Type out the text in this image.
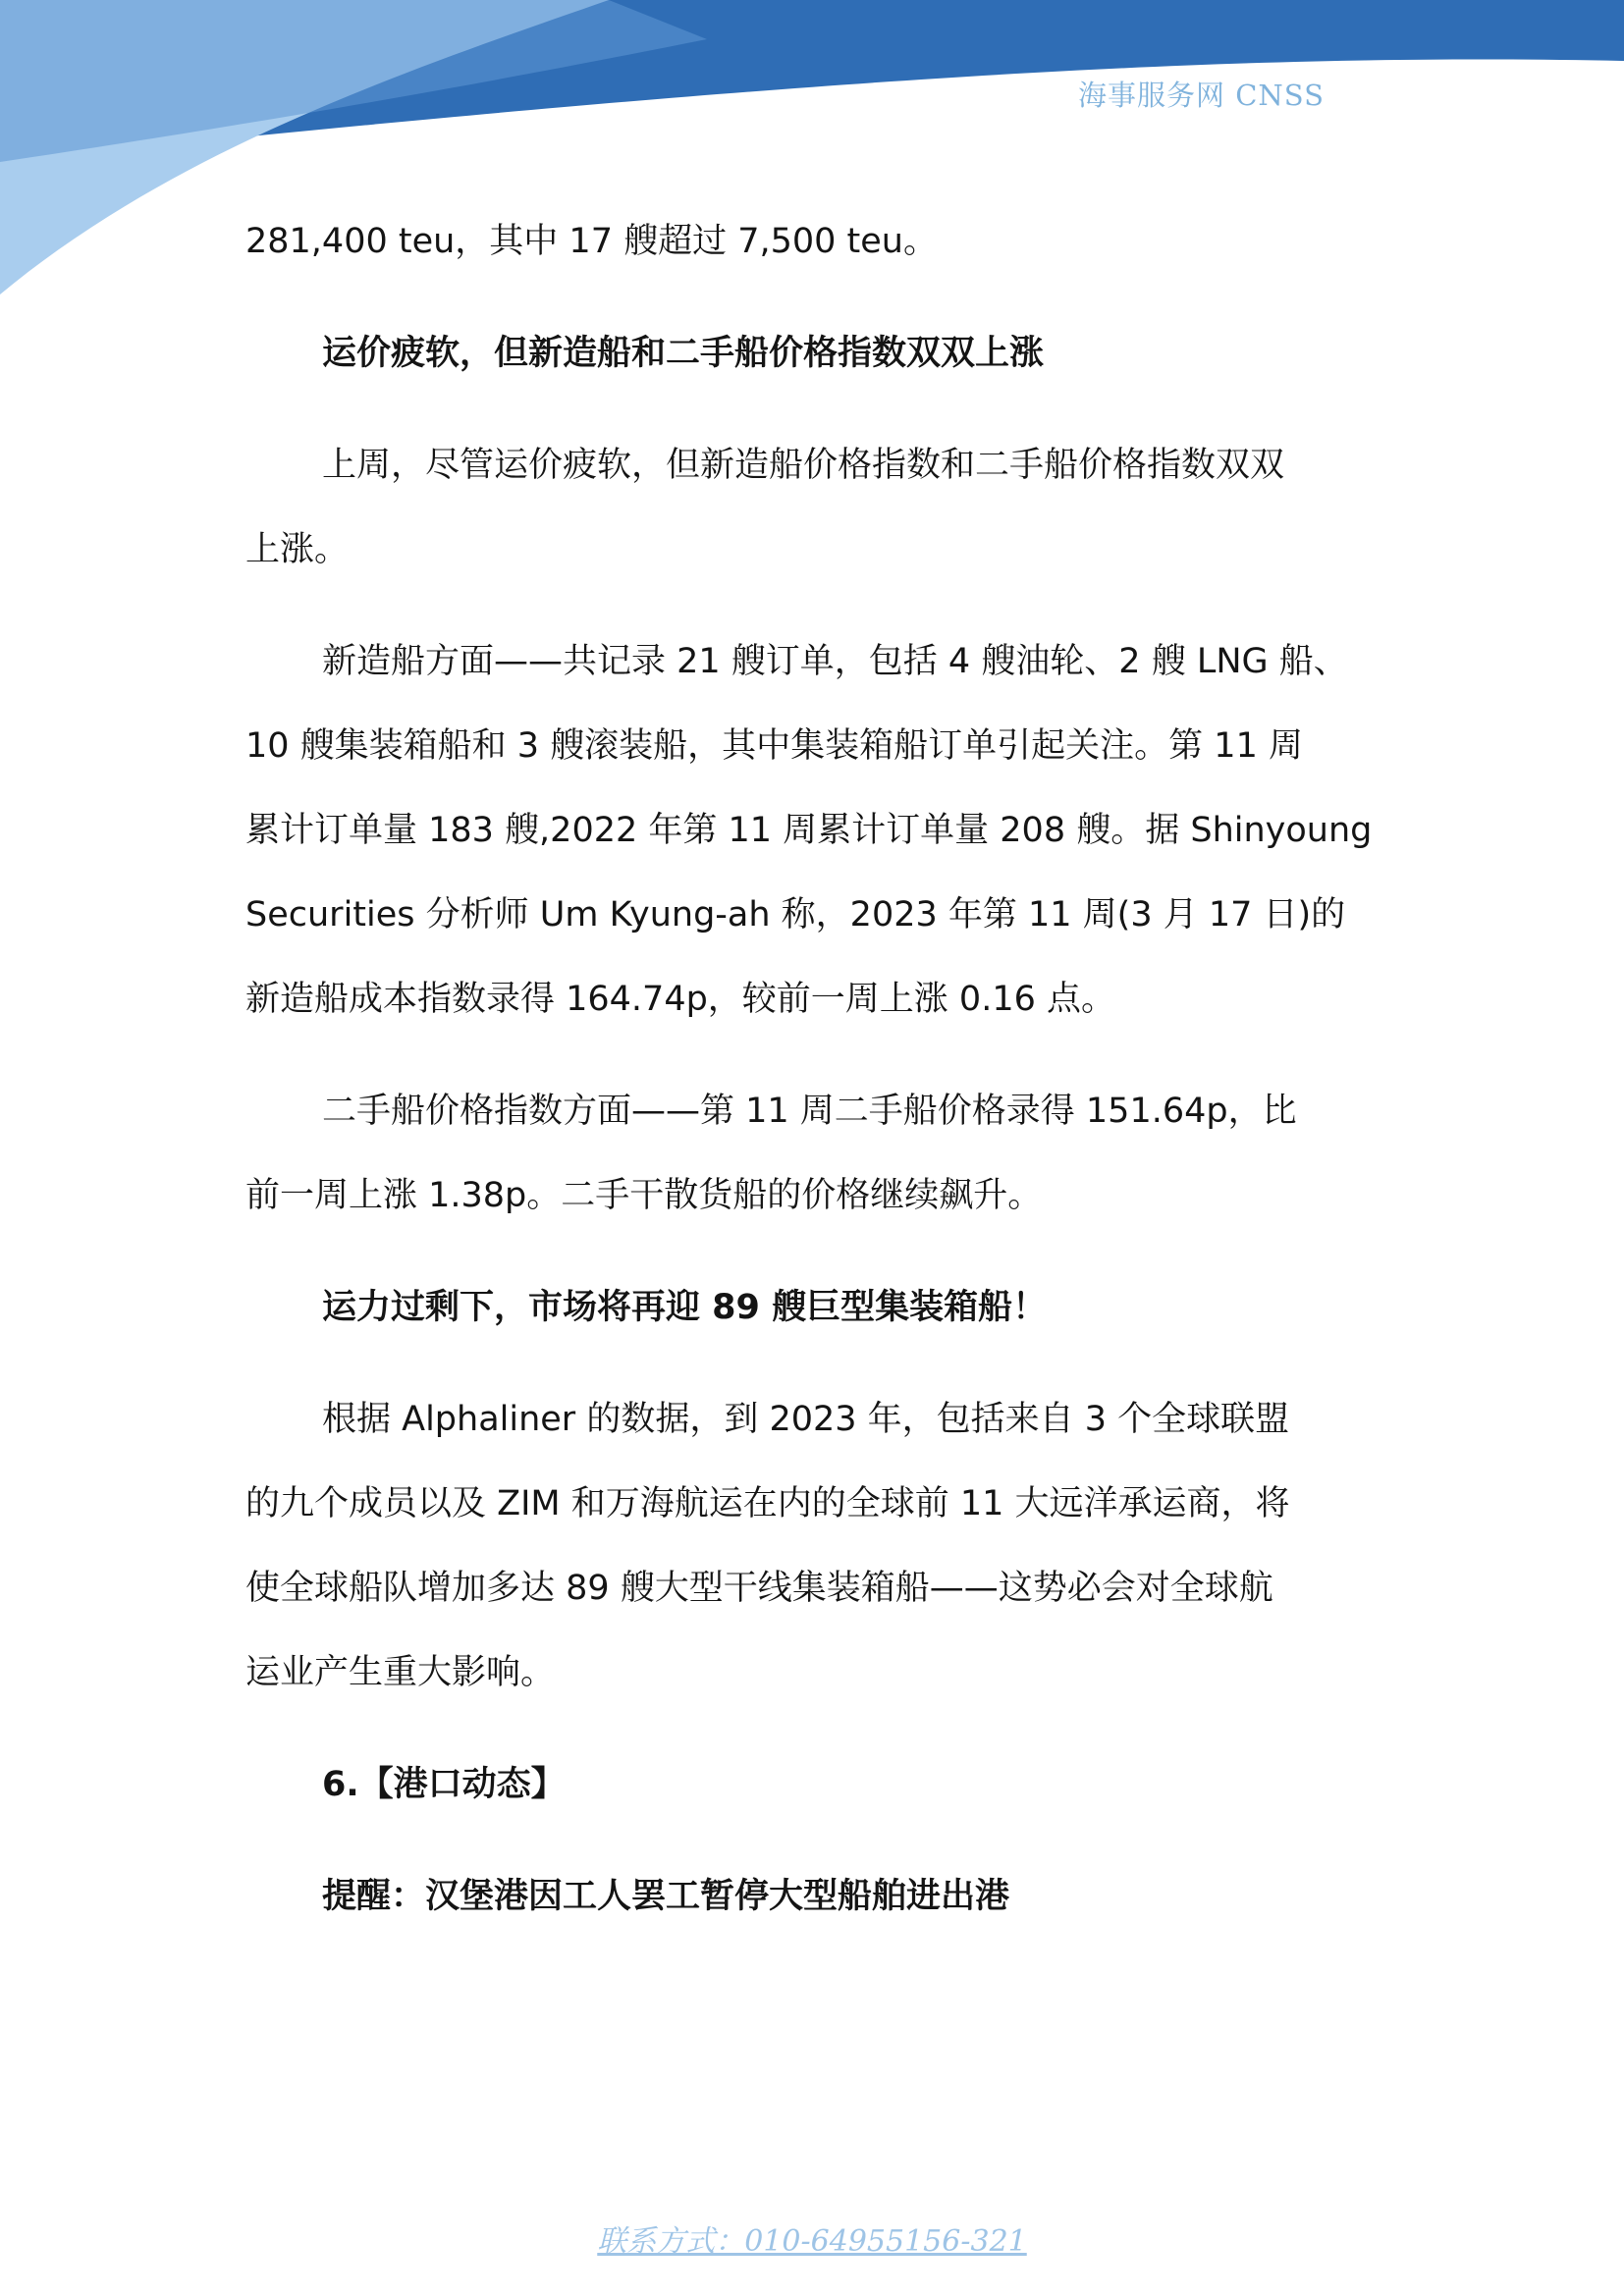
海事服务网 CNSS
281,400 teu，其中 17 艘超过 7,500 teu。
运价疲软，但新造船和二手船价格指数双双上涨
上周，尽管运价疲软，但新造船价格指数和二手船价格指数双双
上涨。
新造船方面——共记录 21 艘订单，包括 4 艘油轮、2 艘 LNG 船、
10 艘集装箱船和 3 艘滚装船，其中集装箱船订单引起关注。第 11 周
累计订单量 183 艘,2022 年第 11 周累计订单量 208 艘。据 Shinyoung
Securities 分析师 Um Kyung-ah 称，2023 年第 11 周(3 月 17 日)的
新造船成本指数录得 164.74p，较前一周上涨 0.16 点。
二手船价格指数方面——第 11 周二手船价格录得 151.64p，比
前一周上涨 1.38p。二手干散货船的价格继续飙升。
运力过剩下，市场将再迎 89 艘巨型集装箱船！
根据 Alphaliner 的数据，到 2023 年，包括来自 3 个全球联盟
的九个成员以及 ZIM 和万海航运在内的全球前 11 大远洋承运商，将
使全球船队增加多达 89 艘大型干线集装箱船——这势必会对全球航
运业产生重大影响。
6.【港口动态】
提醒：汉堡港因工人罢工暂停大型船舶进出港
联系方式：010-64955156-321
